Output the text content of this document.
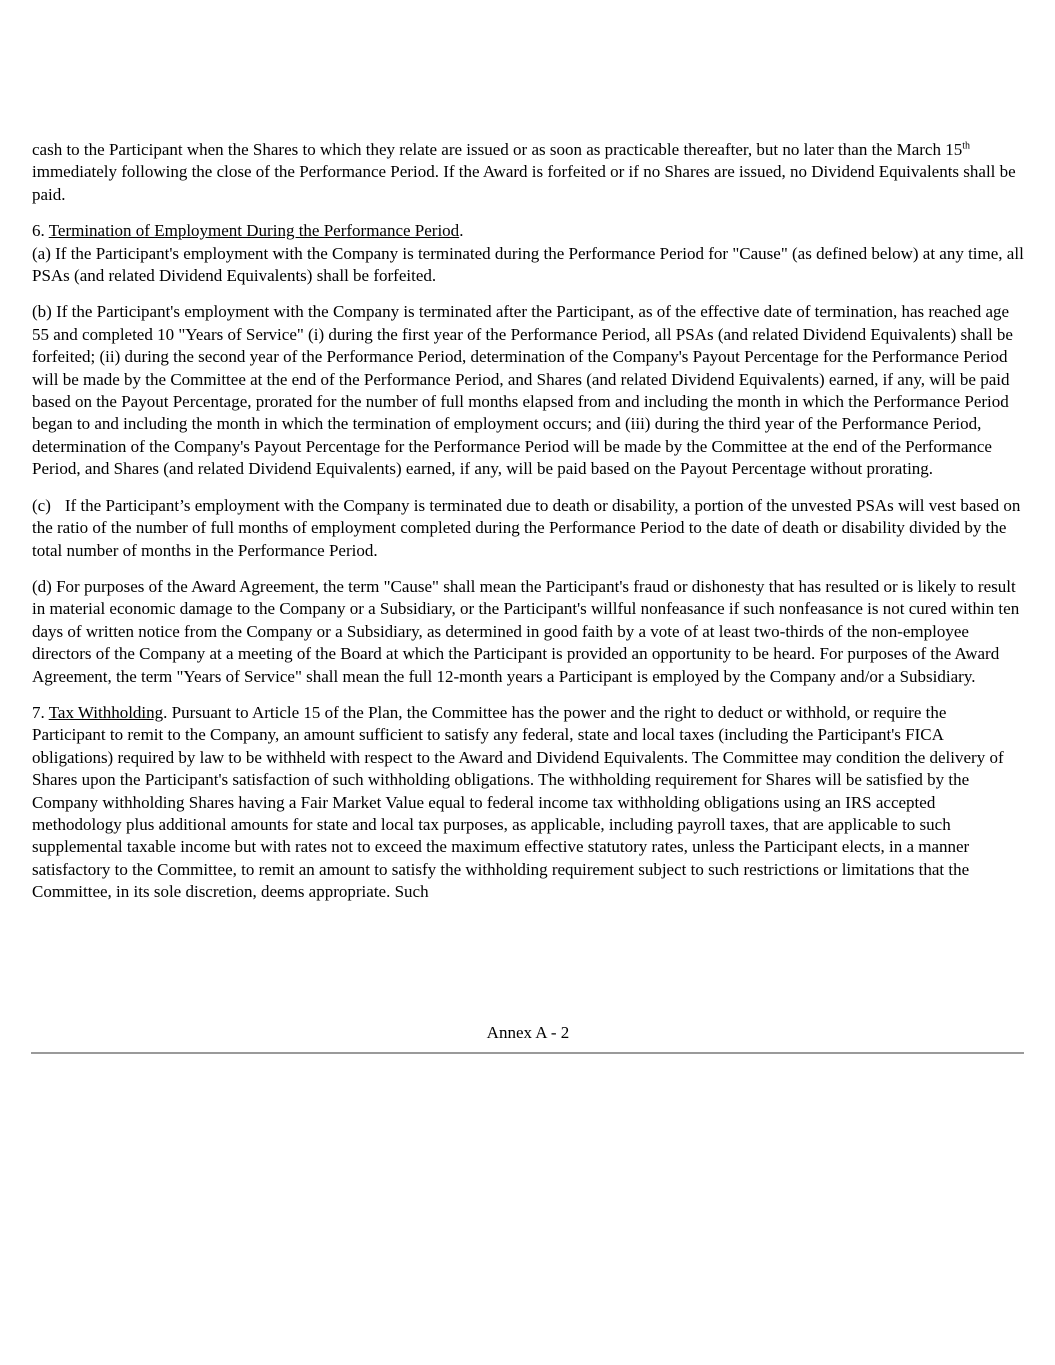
cash to the Participant when the Shares to which they relate are issued or as soon as practicable thereafter, but no later than the March 15th immediately following the close of the Performance Period. If the Award is forfeited or if no Shares are issued, no Dividend Equivalents shall be paid.

6. Termination of Employment During the Performance Period.

(a) If the Participant's employment with the Company is terminated during the Performance Period for "Cause" (as defined below) at any time, all PSAs (and related Dividend Equivalents) shall be forfeited.

(b) If the Participant's employment with the Company is terminated after the Participant, as of the effective date of termination, has reached age 55 and completed 10 "Years of Service" (i) during the first year of the Performance Period, all PSAs (and related Dividend Equivalents) shall be forfeited; (ii) during the second year of the Performance Period, determination of the Company's Payout Percentage for the Performance Period will be made by the Committee at the end of the Performance Period, and Shares (and related Dividend Equivalents) earned, if any, will be paid based on the Payout Percentage, prorated for the number of full months elapsed from and including the month in which the Performance Period began to and including the month in which the termination of employment occurs; and (iii) during the third year of the Performance Period, determination of the Company's Payout Percentage for the Performance Period will be made by the Committee at the end of the Performance Period, and Shares (and related Dividend Equivalents) earned, if any, will be paid based on the Payout Percentage without prorating.

(c) If the Participant’s employment with the Company is terminated due to death or disability, a portion of the unvested PSAs will vest based on the ratio of the number of full months of employment completed during the Performance Period to the date of death or disability divided by the total number of months in the Performance Period.

(d) For purposes of the Award Agreement, the term "Cause" shall mean the Participant's fraud or dishonesty that has resulted or is likely to result in material economic damage to the Company or a Subsidiary, or the Participant's willful nonfeasance if such nonfeasance is not cured within ten days of written notice from the Company or a Subsidiary, as determined in good faith by a vote of at least two-thirds of the non-employee directors of the Company at a meeting of the Board at which the Participant is provided an opportunity to be heard. For purposes of the Award Agreement, the term "Years of Service" shall mean the full 12-month years a Participant is employed by the Company and/or a Subsidiary.

7. Tax Withholding. Pursuant to Article 15 of the Plan, the Committee has the power and the right to deduct or withhold, or require the Participant to remit to the Company, an amount sufficient to satisfy any federal, state and local taxes (including the Participant's FICA obligations) required by law to be withheld with respect to the Award and Dividend Equivalents. The Committee may condition the delivery of Shares upon the Participant's satisfaction of such withholding obligations. The withholding requirement for Shares will be satisfied by the Company withholding Shares having a Fair Market Value equal to federal income tax withholding obligations using an IRS accepted methodology plus additional amounts for state and local tax purposes, as applicable, including payroll taxes, that are applicable to such supplemental taxable income but with rates not to exceed the maximum effective statutory rates, unless the Participant elects, in a manner satisfactory to the Committee, to remit an amount to satisfy the withholding requirement subject to such restrictions or limitations that the Committee, in its sole discretion, deems appropriate. Such

Annex A - 2
